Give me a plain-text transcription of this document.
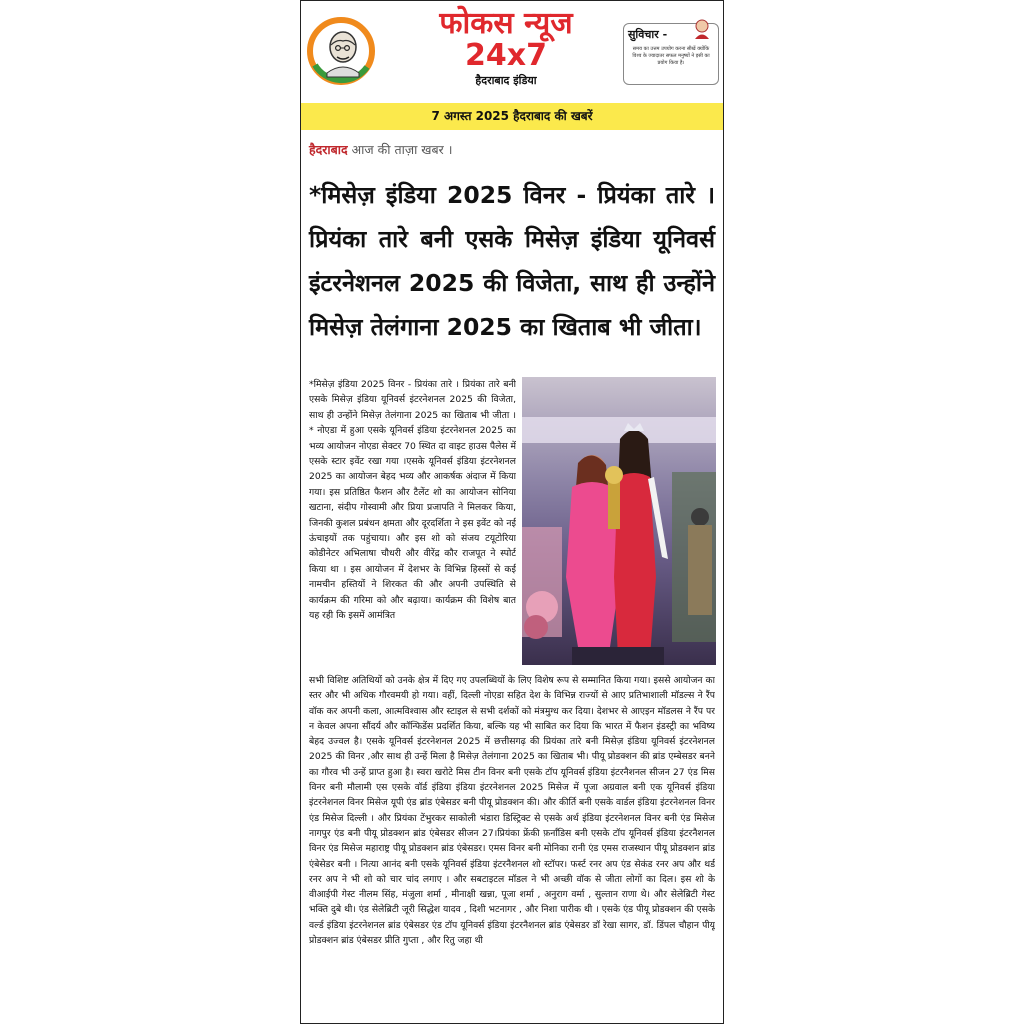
फोकस न्यूज
24x7
हैदराबाद इंडिया
सुविचार -
समय का उत्तम उपयोग करना सीखें क्योंकि विश्व के ज्यादातर सफल मनुष्यों ने इसी का प्रयोग किया है।
7 अगस्त 2025 हैदराबाद की खबरें
हैदराबाद आज की ताज़ा खबर ।
*मिसेज़ इंडिया 2025 विनर - प्रियंका तारे । प्रियंका तारे बनी एसके मिसेज़ इंडिया यूनिवर्स इंटरनेशनल 2025 की विजेता, साथ ही उन्होंने मिसेज़ तेलंगाना 2025 का खिताब भी जीता।
*मिसेज़ इंडिया 2025 विनर - प्रियंका तारे । प्रियंका तारे बनी एसके मिसेज़ इंडिया यूनिवर्स इंटरनेशनल 2025 की विजेता, साथ ही उन्होंने मिसेज़ तेलंगाना 2025 का खिताब भी जीता ।* नोएडा में हुआ एसके यूनिवर्स इंडिया इंटरनेशनल 2025 का भव्य आयोजन नोएडा सेक्टर 70 स्थित दा वाइट हाउस पैलेस में एसके स्टार इवेंट रखा गया ।एसके यूनिवर्स इंडिया इंटरनेशनल 2025 का आयोजन बेहद भव्य और आकर्षक अंदाज में किया गया। इस प्रतिष्ठित फैशन और टैलेंट शो का आयोजन सोनिया खटाना, संदीप गोस्वामी और प्रिया प्रजापति ने मिलकर किया, जिनकी कुशल प्रबंधन क्षमता और दूरदर्शिता ने इस इवेंट को नई ऊंचाइयों तक पहुंचाया। और इस शो को संजय टयूटोरिया कोडीनेटर अभिलाषा चौधरी और वीरेंद्र कौर राजपूत ने स्पोर्ट किया था । इस आयोजन में देशभर के विभिन्न हिस्सों से कई नामचीन हस्तियों ने शिरकत की और अपनी उपस्थिति से कार्यक्रम की गरिमा को और बढ़ाया। कार्यक्रम की विशेष बात यह रही कि इसमें आमंत्रित
सभी विशिष्ट अतिथियों को उनके क्षेत्र में दिए गए उपलब्धियों के लिए विशेष रूप से सम्मानित किया गया। इससे आयोजन का स्तर और भी अधिक गौरवमयी हो गया। वहीं, दिल्ली नोएडा सहित देश के विभिन्न राज्यों से आए प्रतिभाशाली मॉडल्स ने रैंप वॉक कर अपनी कला, आत्मविश्वास और स्टाइल से सभी दर्शकों को मंत्रमुग्ध कर दिया। देशभर से आएइन मॉडलस ने रैंप पर न केवल अपना सौंदर्य और कॉन्फिडेंस प्रदर्शित किया, बल्कि यह भी साबित कर दिया कि भारत में फैशन इंडस्ट्री का भविष्य बेहद उज्वल है। एसके यूनिवर्स इंटरनेशनल 2025 में छत्तीसगढ़ की प्रियंका तारे बनी मिसेज़ इंडिया यूनिवर्स इंटरनेशनल 2025 की विनर ,और साथ ही उन्हें मिला है मिसेज़ तेलंगाना 2025 का खिताब भी। पीयू प्रोडक्शन की ब्रांड एम्बेसडर बनने का गौरव भी उन्हें प्राप्त हुआ है। स्वरा खरोटे मिस टीन विनर बनी एसके टॉप यूनिवर्स इंडिया इंटरनैशनल सीजन 27 एंड मिस विनर बनी मौलामी एस एसके वॉर्ड इंडिया इंडिया इंटरनेशनल 2025 मिसेज में पूजा अग्रवाल बनी एक यूनिवर्स इंडिया इंटरनेशनल विनर मिसेज यूपी एंड ब्रांड एंबेसडर बनी पीयू प्रोडक्शन की। और कीर्ति बनी एसके वार्डल इंडिया इंटरनेशनल विनर एंड मिसेज दिल्ली । और प्रियंका टेंभुरकर साकोली भंडारा डिस्ट्रिक्ट से एसके अर्थ इंडिया इंटरनेशनल विनर बनी एंड मिसेज नागपुर एंड बनी पीयू प्रोडक्शन ब्रांड एंबेसडर सीजन 27।प्रियंका फ्रेंकी फ़र्नांडिस बनी एसके टॉप यूनिवर्स इंडिया इंटरनैशनल विनर एंड मिसेज महाराष्ट्र पीयू प्रोडक्शन ब्रांड एंबेसडर। एमस विनर बनी मोनिका रानी एंड एमस राजस्थान पीयू प्रोडक्शन ब्रांड एंबेसेडर बनी । नित्या आनंद बनी एसके यूनिवर्स इंडिया इंटरनैशनल शो स्टॉपर। फर्स्ट रनर अप एंड सेकंड रनर अप और थर्ड रनर अप ने भी शो को चार चांद लगाए । और सबटाइटल मॉडल ने भी अच्छी वॉक से जीता लोगों का दिल। इस शो के वीआईपी गेस्ट नीलम सिंह, मंजुला शर्मा , मीनाक्षी खन्ना, पूजा शर्मा , अनुराग वर्मा , सुल्तान राणा थे। और सेलेब्रिटी गेस्ट भक्ति दुबे थी। एंड सेलेब्रिटी जूरी सिद्धेश यादव , दिशी भटनागर , और निशा पारीक थी । एसके एंड पीयू प्रोडक्शन की एसके वर्ल्ड इंडिया इंटरनेशनल ब्रांड एंबेसडर एंड टॉप यूनिवर्स इंडिया इंटरनैशनल ब्रांड एंबेसडर डॉ रेखा सागर, डॉ. डिंपल चौहान पीयू प्रोडक्शन ब्रांड एंबेसडर प्रीति गुप्ता , और रितु जहा थी
